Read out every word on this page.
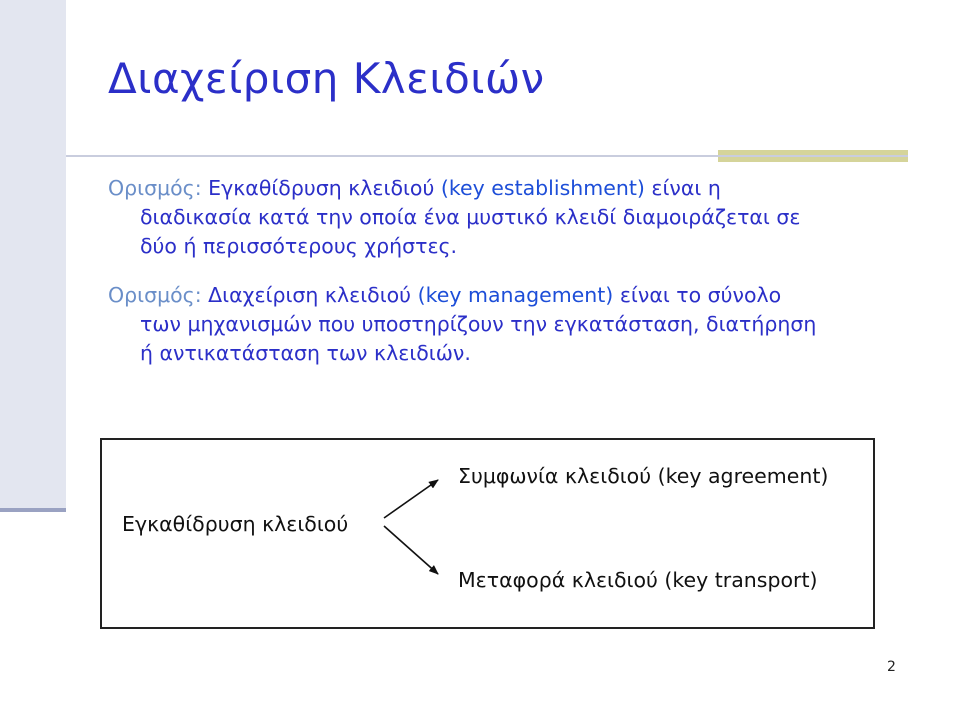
Διαχείριση Κλειδιών

Ορισμός: Εγκαθίδρυση κλειδιού (key establishment) είναι η
διαδικασία κατά την οποία ένα μυστικό κλειδί διαμοιράζεται σε
δύο ή περισσότερους χρήστες.

Ορισμός: Διαχείριση κλειδιού (key management) είναι το σύνολο
των μηχανισμών που υποστηρίζουν την εγκατάσταση, διατήρηση
ή αντικατάσταση των κλειδιών.

Εγκαθίδρυση κλειδιού
Συμφωνία κλειδιού (key agreement)
Μεταφορά κλειδιού (key transport)
2
